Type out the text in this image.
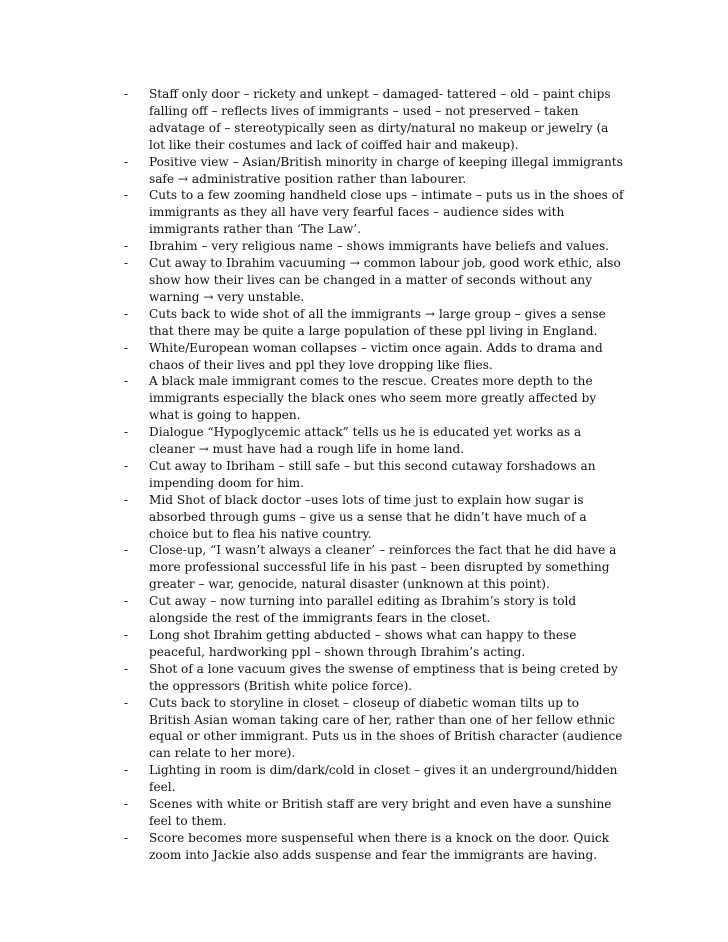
-	Staff only door – rickety and unkept – damaged- tattered – old – paint chips falling off – reflects lives of immigrants – used – not preserved – taken advatage of – stereotypically seen as dirty/natural no makeup or jewelry (a lot like their costumes and lack of coiffed hair and makeup).
-	Positive view – Asian/British minority in charge of keeping illegal immigrants safe → administrative position rather than labourer.
-	Cuts to a few zooming handheld close ups – intimate – puts us in the shoes of immigrants as they all have very fearful faces – audience sides with immigrants rather than ‘The Law’.
-	Ibrahim – very religious name – shows immigrants have beliefs and values.
-	Cut away to Ibrahim vacuuming → common labour job, good work ethic, also show how their lives can be changed in a matter of seconds without any warning → very unstable.
-	Cuts back to wide shot of all the immigrants → large group – gives a sense that there may be quite a large population of these ppl living in England.
-	White/European woman collapses – victim once again. Adds to drama and chaos of their lives and ppl they love dropping like flies.
-	A black male immigrant comes to the rescue. Creates more depth to the immigrants especially the black ones who seem more greatly affected by what is going to happen.
-	Dialogue “Hypoglycemic attack” tells us he is educated yet works as a cleaner → must have had a rough life in home land.
-	Cut away to Ibriham – still safe – but this second cutaway forshadows an impending doom for him.
-	Mid Shot of black doctor –uses lots of time just to explain how sugar is absorbed through gums – give us a sense that he didn’t have much of a choice but to flea his native country.
-	Close-up, “I wasn’t always a cleaner’ – reinforces the fact that he did have a more professional successful life in his past – been disrupted by something greater – war, genocide, natural disaster (unknown at this point).
-	Cut away – now turning into parallel editing as Ibrahim’s story is told alongside the rest of the immigrants fears in the closet.
-	Long shot Ibrahim getting abducted – shows what can happy to these peaceful, hardworking ppl – shown through Ibrahim’s acting.
-	Shot of a lone vacuum gives the swense of emptiness that is being creted by the oppressors (British white police force).
-	Cuts back to storyline in closet – closeup of diabetic woman tilts up to British Asian woman taking care of her, rather than one of her fellow ethnic equal or other immigrant. Puts us in the shoes of British character (audience can relate to her more).
-	Lighting in room is dim/dark/cold in closet – gives it an underground/hidden feel.
-	Scenes with white or British staff are very bright and even have a sunshine feel to them.
-	Score becomes more suspenseful when there is a knock on the door. Quick zoom into Jackie also adds suspense and fear the immigrants are having.
